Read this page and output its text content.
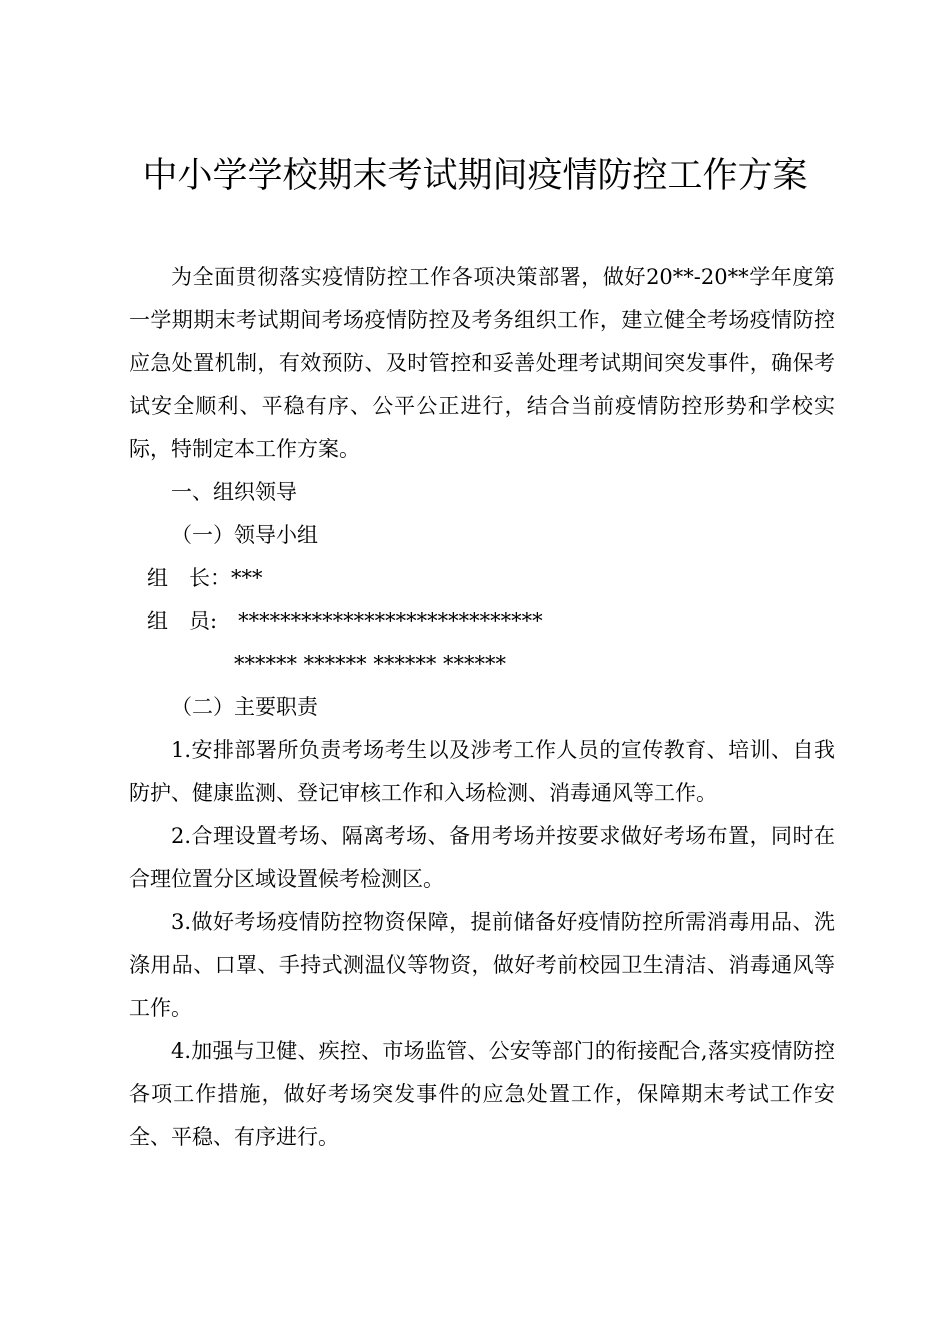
中小学学校期末考试期间疫情防控工作方案

为全面贯彻落实疫情防控工作各项决策部署，做好20**-20**学年度第一学期期末考试期间考场疫情防控及考务组织工作，建立健全考场疫情防控应急处置机制，有效预防、及时管控和妥善处理考试期间突发事件，确保考试安全顺利、平稳有序、公平公正进行，结合当前疫情防控形势和学校实际，特制定本工作方案。

一、组织领导

（一）领导小组

组　长：***

组　员:　*****************************

****** ****** ****** ******

（二）主要职责

1.安排部署所负责考场考生以及涉考工作人员的宣传教育、培训、自我防护、健康监测、登记审核工作和入场检测、消毒通风等工作。

2.合理设置考场、隔离考场、备用考场并按要求做好考场布置，同时在合理位置分区域设置候考检测区。

3.做好考场疫情防控物资保障，提前储备好疫情防控所需消毒用品、洗涤用品、口罩、手持式测温仪等物资，做好考前校园卫生清洁、消毒通风等工作。

4.加强与卫健、疾控、市场监管、公安等部门的衔接配合,落实疫情防控各项工作措施，做好考场突发事件的应急处置工作，保障期末考试工作安全、平稳、有序进行。
